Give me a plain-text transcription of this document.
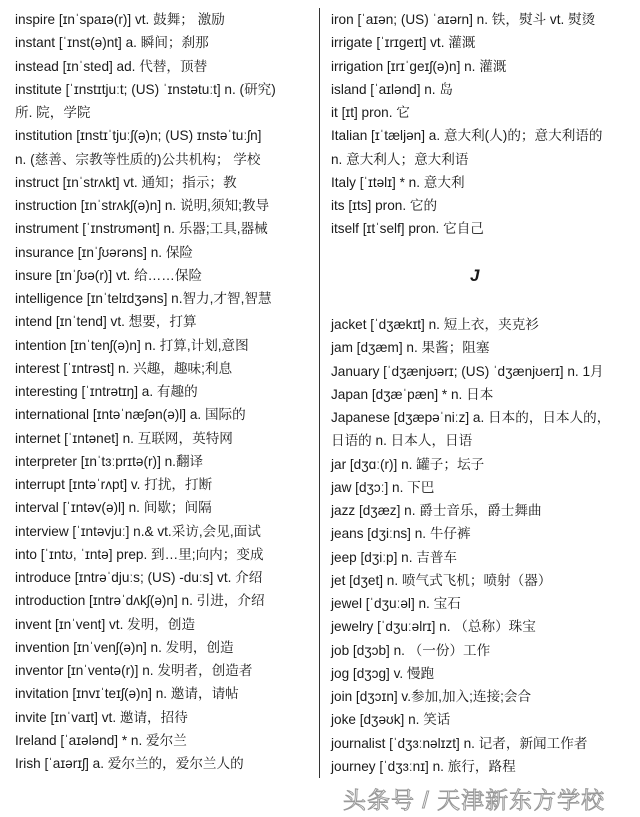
inspire [ɪnˈspaɪə(r)] vt. 鼓舞； 激励
instant [ˈɪnst(ə)nt] a. 瞬间；刹那
instead [ɪnˈsted] ad. 代替，顶替
institute [ˈɪnstɪtjuːt; (US) ˈɪnstətuːt] n. (研究)
所. 院，学院
institution [ɪnstɪˈtjuːʃ(ə)n; (US) ɪnstəˈtuːʃn]
n. (慈善、宗教等性质的)公共机构； 学校
instruct [ɪnˈstrʌkt] vt. 通知；指示；教
instruction [ɪnˈstrʌkʃ(ə)n] n. 说明,须知;教导
instrument [ˈɪnstrʊmənt] n. 乐器;工具,器械
insurance [ɪnˈʃʊərəns] n. 保险
insure [ɪnˈʃʊə(r)] vt. 给……保险
intelligence [ɪnˈtelɪdʒəns] n.智力,才智,智慧
intend [ɪnˈtend] vt. 想要，打算
intention [ɪnˈtenʃ(ə)n] n. 打算,计划,意图
interest [ˈɪntrəst] n. 兴趣，趣味;利息
interesting [ˈɪntrətɪŋ] a. 有趣的
international [ɪntəˈnæʃən(ə)l] a. 国际的
internet [ˈɪntənet] n. 互联网，英特网
interpreter [ɪnˈtɜːprɪtə(r)] n.翻译
interrupt [ɪntəˈrʌpt] v. 打扰，打断
interval [ˈɪntəv(ə)l] n. 间歇；间隔
interview [ˈɪntəvjuː] n.& vt.采访,会见,面试
into [ˈɪntʊ, ˈɪntə] prep. 到…里;向内；变成
introduce [ɪntrəˈdjuːs; (US) -duːs] vt. 介绍
introduction [ɪntrəˈdʌkʃ(ə)n] n. 引进，介绍
invent [ɪnˈvent] vt. 发明，创造
invention [ɪnˈvenʃ(ə)n] n. 发明，创造
inventor [ɪnˈventə(r)] n. 发明者，创造者
invitation [ɪnvɪˈteɪʃ(ə)n] n. 邀请，请帖
invite [ɪnˈvaɪt] vt. 邀请，招待
Ireland [ˈaɪələnd] * n. 爱尔兰
Irish [ˈaɪərɪʃ] a. 爱尔兰的，爱尔兰人的
iron [ˈaɪən; (US) ˈaɪərn] n. 铁，熨斗 vt. 熨烫
irrigate [ˈɪrɪgeɪt] vt. 灌溉
irrigation [ɪrɪˈgeɪʃ(ə)n] n. 灌溉
island [ˈaɪlənd] n. 岛
it [ɪt] pron. 它
Italian [ɪˈtæljən] a. 意大利(人)的；意大利语的
n. 意大利人；意大利语
Italy [ˈɪtəlɪ] * n. 意大利
its [ɪts] pron. 它的
itself [ɪtˈself] pron. 它自己
J
jacket [ˈdʒækɪt] n. 短上衣，夹克衫
jam [dʒæm] n. 果酱；阻塞
January [ˈdʒænjʊərɪ; (US) ˈdʒænjʊerɪ] n. 1月
Japan [dʒæˈpæn] * n. 日本
Japanese [dʒæpəˈniːz] a. 日本的，日本人的，
日语的 n. 日本人，日语
jar [dʒɑː(r)] n. 罐子；坛子
jaw [dʒɔː] n. 下巴
jazz [dʒæz] n. 爵士音乐，爵士舞曲
jeans [dʒiːns] n. 牛仔裤
jeep [dʒiːp] n. 吉普车
jet [dʒet] n. 喷气式飞机；喷射（器）
jewel [ˈdʒuːəl] n. 宝石
jewelry [ˈdʒuːəlrɪ] n. （总称）珠宝
job [dʒɔb] n. （一份）工作
jog [dʒɔg] v. 慢跑
join [dʒɔɪn] v.参加,加入;连接;会合
joke [dʒəʊk] n. 笑话
journalist [ˈdʒɜːnəlɪzt] n. 记者，新闻工作者
journey [ˈdʒɜːnɪ] n. 旅行，路程
头条号 / 天津新东方学校
